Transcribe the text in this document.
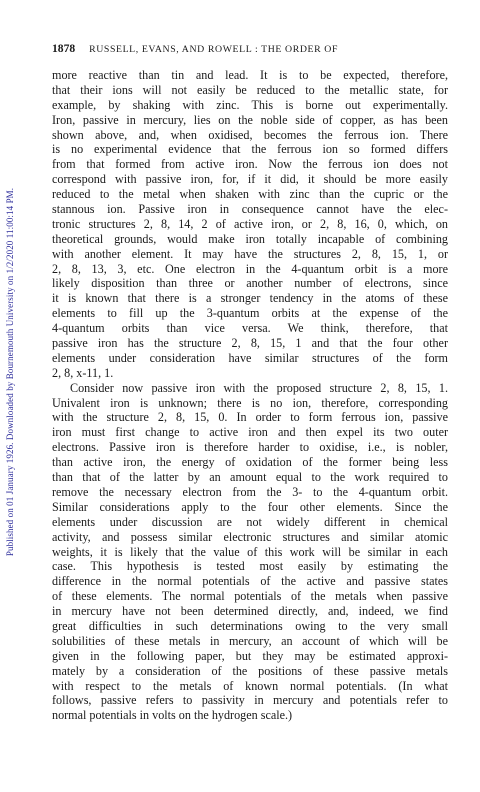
1878 RUSSELL, EVANS, AND ROWELL : THE ORDER OF
Published on 01 January 1926. Downloaded by Bournemouth University on 1/2/2020 11:00:14 PM.
more reactive than tin and lead. It is to be expected, therefore,
that their ions will not easily be reduced to the metallic state, for
example, by shaking with zinc. This is borne out experimentally.
Iron, passive in mercury, lies on the noble side of copper, as has been
shown above, and, when oxidised, becomes the ferrous ion. There
is no experimental evidence that the ferrous ion so formed differs
from that formed from active iron. Now the ferrous ion does not
correspond with passive iron, for, if it did, it should be more easily
reduced to the metal when shaken with zinc than the cupric or the
stannous ion. Passive iron in consequence cannot have the elec-
tronic structures 2, 8, 14, 2 of active iron, or 2, 8, 16, 0, which, on
theoretical grounds, would make iron totally incapable of combining
with another element. It may have the structures 2, 8, 15, 1, or
2, 8, 13, 3, etc. One electron in the 4-quantum orbit is a more
likely disposition than three or another number of electrons, since
it is known that there is a stronger tendency in the atoms of these
elements to fill up the 3-quantum orbits at the expense of the
4-quantum orbits than vice versa. We think, therefore, that
passive iron has the structure 2, 8, 15, 1 and that the four other
elements under consideration have similar structures of the form
2, 8, x-11, 1.
Consider now passive iron with the proposed structure 2, 8, 15, 1.
Univalent iron is unknown; there is no ion, therefore, corresponding
with the structure 2, 8, 15, 0. In order to form ferrous ion, passive
iron must first change to active iron and then expel its two outer
electrons. Passive iron is therefore harder to oxidise, i.e., is nobler,
than active iron, the energy of oxidation of the former being less
than that of the latter by an amount equal to the work required to
remove the necessary electron from the 3- to the 4-quantum orbit.
Similar considerations apply to the four other elements. Since the
elements under discussion are not widely different in chemical
activity, and possess similar electronic structures and similar atomic
weights, it is likely that the value of this work will be similar in each
case. This hypothesis is tested most easily by estimating the
difference in the normal potentials of the active and passive states
of these elements. The normal potentials of the metals when passive
in mercury have not been determined directly, and, indeed, we find
great difficulties in such determinations owing to the very small
solubilities of these metals in mercury, an account of which will be
given in the following paper, but they may be estimated approxi-
mately by a consideration of the positions of these passive metals
with respect to the metals of known normal potentials. (In what
follows, passive refers to passivity in mercury and potentials refer to
normal potentials in volts on the hydrogen scale.)
